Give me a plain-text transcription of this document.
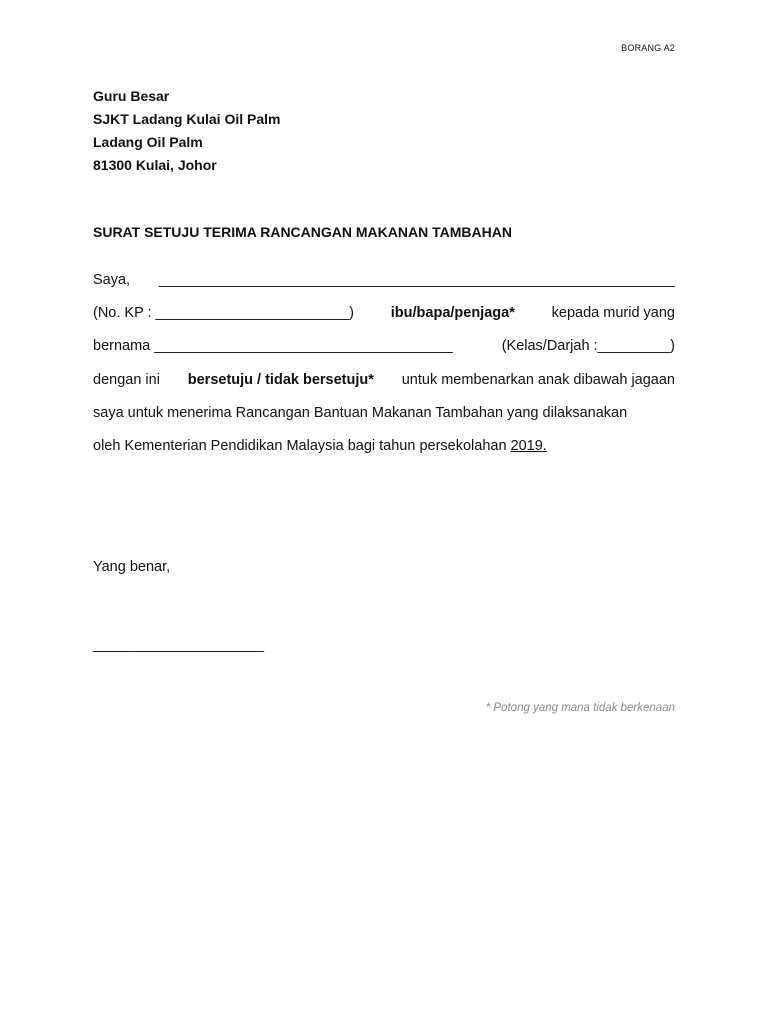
BORANG A2
Guru Besar
SJKT Ladang Kulai Oil Palm
Ladang Oil Palm
81300 Kulai, Johor
SURAT SETUJU TERIMA RANCANGAN MAKANAN TAMBAHAN
Saya, ________________________________________________________________
(No. KP : ________________________)	ibu/bapa/penjaga*	kepada murid yang
bernama _____________________________________	(Kelas/Darjah :_________)
dengan ini bersetuju / tidak bersetuju* untuk membenarkan anak dibawah jagaan
saya untuk menerima Rancangan Bantuan Makanan Tambahan yang dilaksanakan
oleh Kementerian Pendidikan Malaysia bagi tahun persekolahan 2019.
Yang benar,
______________________
* Potong yang mana tidak berkenaan
